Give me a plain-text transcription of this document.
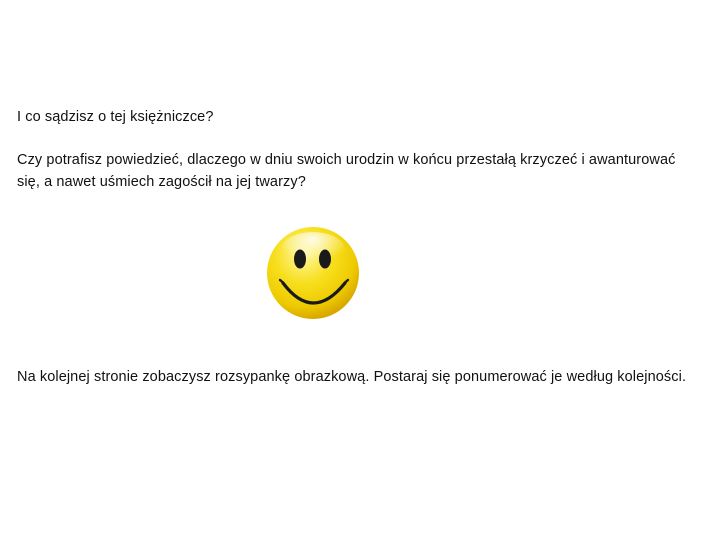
I co sądzisz o tej księżniczce?

Czy potrafisz powiedzieć, dlaczego w dniu swoich urodzin w końcu przestałą krzyczeć i awanturować się, a nawet uśmiech zagościł na jej twarzy?

Na kolejnej stronie zobaczysz rozsypankę obrazkową. Postaraj się ponumerować je według kolejności.
